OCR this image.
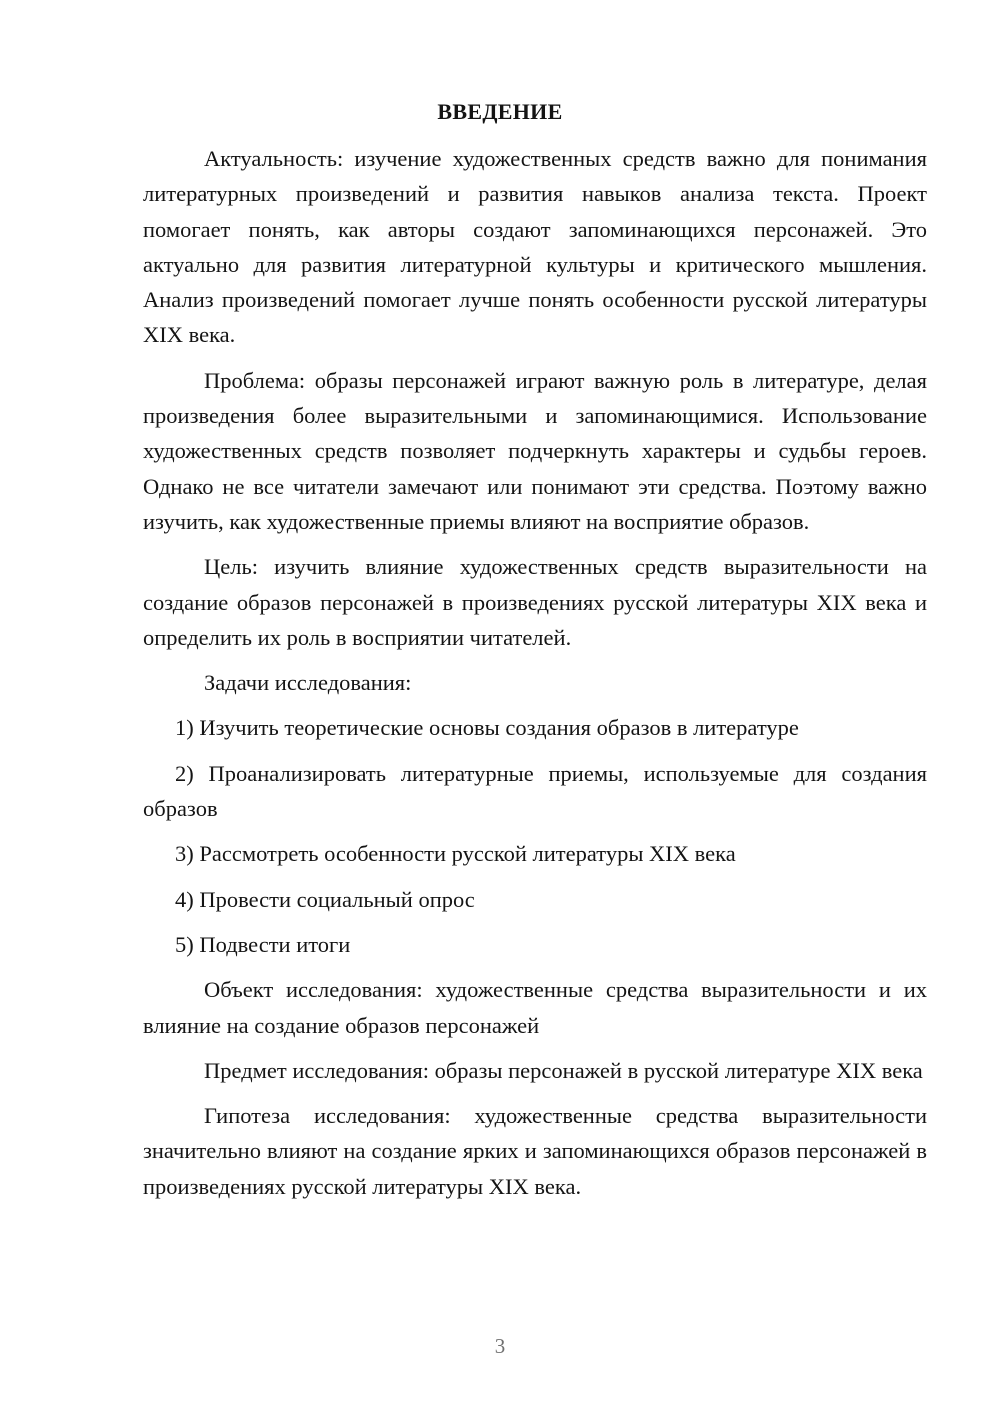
ВВЕДЕНИЕ

Актуальность: изучение художественных средств важно для понимания литературных произведений и развития навыков анализа текста. Проект помогает понять, как авторы создают запоминающихся персонажей. Это актуально для развития литературной культуры и критического мышления. Анализ произведений помогает лучше понять особенности русской литературы XIX века.

Проблема: образы персонажей играют важную роль в литературе, делая произведения более выразительными и запоминающимися. Использование художественных средств позволяет подчеркнуть характеры и судьбы героев. Однако не все читатели замечают или понимают эти средства. Поэтому важно изучить, как художественные приемы влияют на восприятие образов.

Цель: изучить влияние художественных средств выразительности на создание образов персонажей в произведениях русской литературы XIX века и определить их роль в восприятии читателей.

Задачи исследования:

1) Изучить теоретические основы создания образов в литературе

2) Проанализировать литературные приемы, используемые для создания образов

3) Рассмотреть особенности русской литературы XIX века

4) Провести социальный опрос

5) Подвести итоги

Объект исследования: художественные средства выразительности и их влияние на создание образов персонажей

Предмет исследования: образы персонажей в русской литературе XIX века

Гипотеза исследования: художественные средства выразительности значительно влияют на создание ярких и запоминающихся образов персонажей в произведениях русской литературы XIX века.

3
